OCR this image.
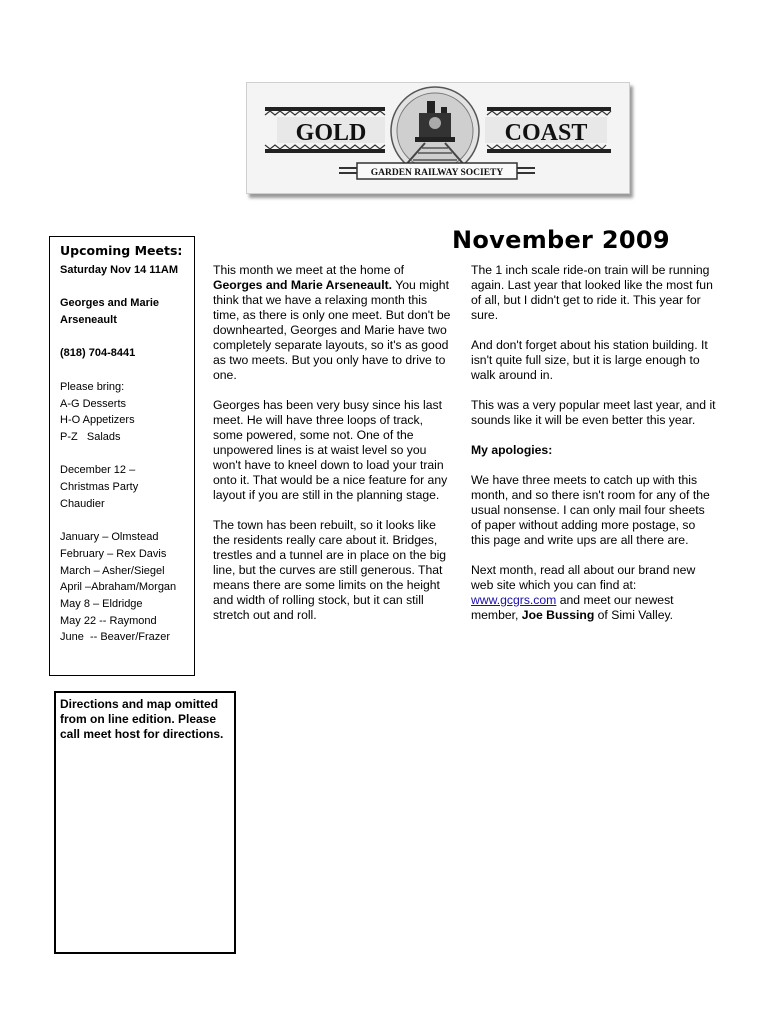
GOLD	COAST
GARDEN RAILWAY SOCIETY
November 2009
Upcoming Meets:
Saturday Nov 14 11AM
Georges and Marie
Arseneault
(818) 704-8441
Please bring:
A-G Desserts
H-O Appetizers
P-Z   Salads
December 12 –
Christmas Party
Chaudier
January – Olmstead
February – Rex Davis
March – Asher/Siegel
April –Abraham/Morgan
May 8 – Eldridge
May 22 -- Raymond
June  -- Beaver/Frazer

This month we meet at the home of Georges and Marie Arseneault. You might think that we have a relaxing month this time, as there is only one meet. But don't be downhearted, Georges and Marie have two completely separate layouts, so it's as good as two meets. But you only have to drive to one.

Georges has been very busy since his last meet. He will have three loops of track, some powered, some not. One of the unpowered lines is at waist level so you won't have to kneel down to load your train onto it. That would be a nice feature for any layout if you are still in the planning stage.

The town has been rebuilt, so it looks like the residents really care about it. Bridges, trestles and a tunnel are in place on the big line, but the curves are still generous. That means there are some limits on the height and width of rolling stock, but it can still stretch out and roll.

The 1 inch scale ride-on train will be running again. Last year that looked like the most fun of all, but I didn't get to ride it. This year for sure.

And don't forget about his station building. It isn't quite full size, but it is large enough to walk around in.

This was a very popular meet last year, and it sounds like it will be even better this year.

My apologies:

We have three meets to catch up with this month, and so there isn't room for any of the usual nonsense. I can only mail four sheets of paper without adding more postage, so this page and write ups are all there are.

Next month, read all about our brand new web site which you can find at: www.gcgrs.com and meet our newest member, Joe Bussing of Simi Valley.

Directions and map omitted from on line edition. Please call meet host for directions.
